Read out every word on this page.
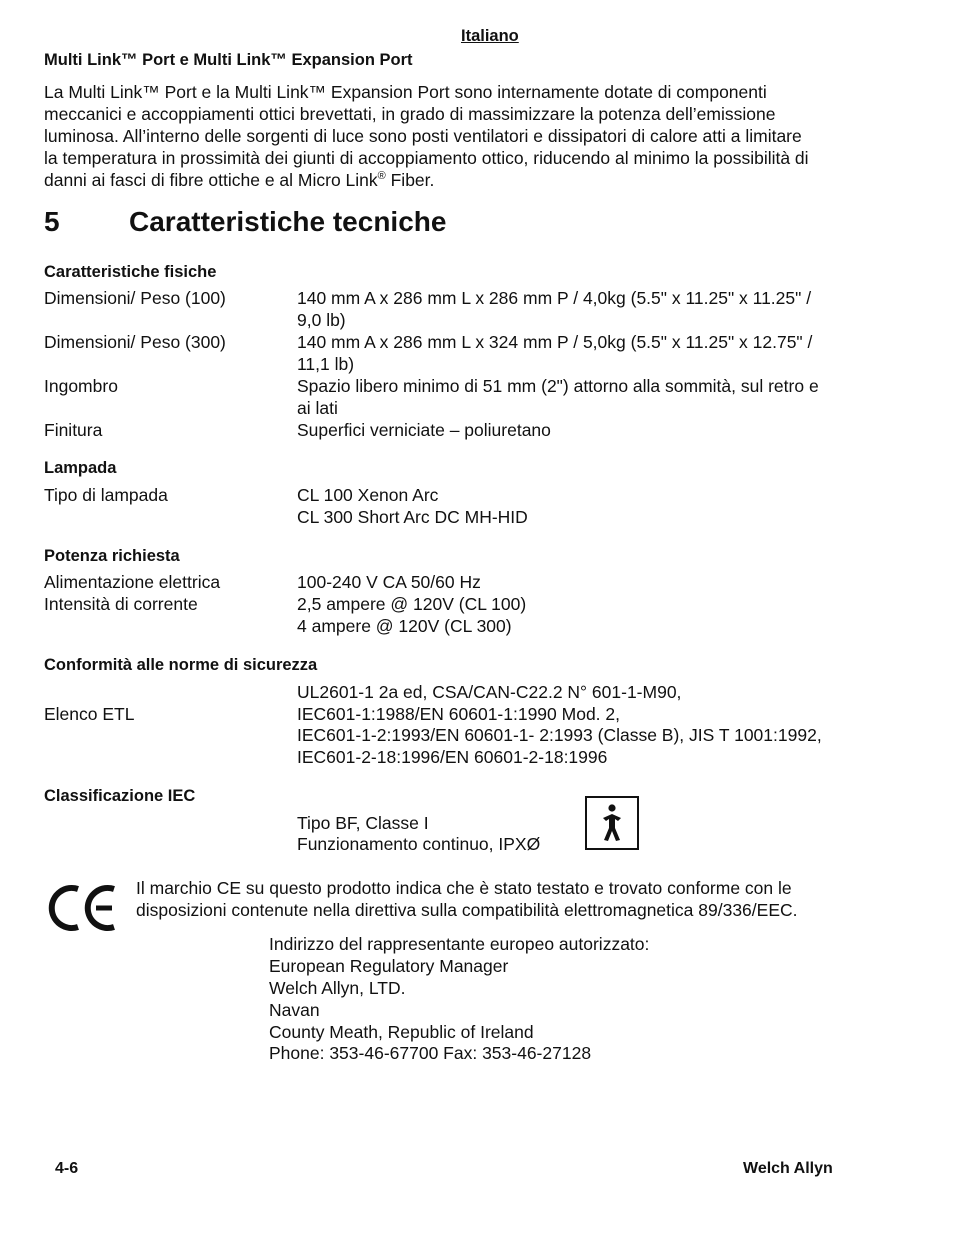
Italiano
Multi Link™ Port e Multi Link™ Expansion Port
La Multi Link™ Port e la Multi Link™ Expansion Port sono internamente dotate di componenti
meccanici e accoppiamenti ottici brevettati, in grado di massimizzare la potenza dell’emissione
luminosa. All’interno delle sorgenti di luce sono posti ventilatori e dissipatori di calore atti a limitare
la temperatura in prossimità dei giunti di accoppiamento ottico, riducendo al minimo la possibilità di
danni ai fasci di fibre ottiche e al Micro Link® Fiber.
5 Caratteristiche tecniche
Caratteristiche fisiche
Dimensioni/ Peso (100)	140 mm A x 286 mm L x 286 mm P / 4,0kg (5.5" x 11.25" x 11.25" /
9,0 lb)
Dimensioni/ Peso (300)	140 mm A x 286 mm L x 324 mm P / 5,0kg (5.5" x 11.25" x 12.75" /
11,1 lb)
Ingombro	Spazio libero minimo di 51 mm (2") attorno alla sommità, sul retro e
ai lati
Finitura	Superfici verniciate – poliuretano
Lampada
Tipo di lampada	CL 100 Xenon Arc
CL 300 Short Arc DC MH-HID
Potenza richiesta
Alimentazione elettrica	100-240 V CA 50/60 Hz
Intensità di corrente	2,5 ampere @ 120V (CL 100)
4 ampere @ 120V (CL 300)
Conformità alle norme di sicurezza
UL2601-1 2a ed, CSA/CAN-C22.2 N° 601-1-M90,
Elenco ETL	IEC601-1:1988/EN 60601-1:1990 Mod. 2,
IEC601-1-2:1993/EN 60601-1- 2:1993 (Classe B), JIS T 1001:1992,
IEC601-2-18:1996/EN 60601-2-18:1996
Classificazione IEC
Tipo BF, Classe I
Funzionamento continuo, IPXØ
Il marchio CE su questo prodotto indica che è stato testato e trovato conforme con le
disposizioni contenute nella direttiva sulla compatibilità elettromagnetica 89/336/EEC.
Indirizzo del rappresentante europeo autorizzato:
European Regulatory Manager
Welch Allyn, LTD.
Navan
County Meath, Republic of Ireland
Phone: 353-46-67700 Fax: 353-46-27128
4-6	Welch Allyn
